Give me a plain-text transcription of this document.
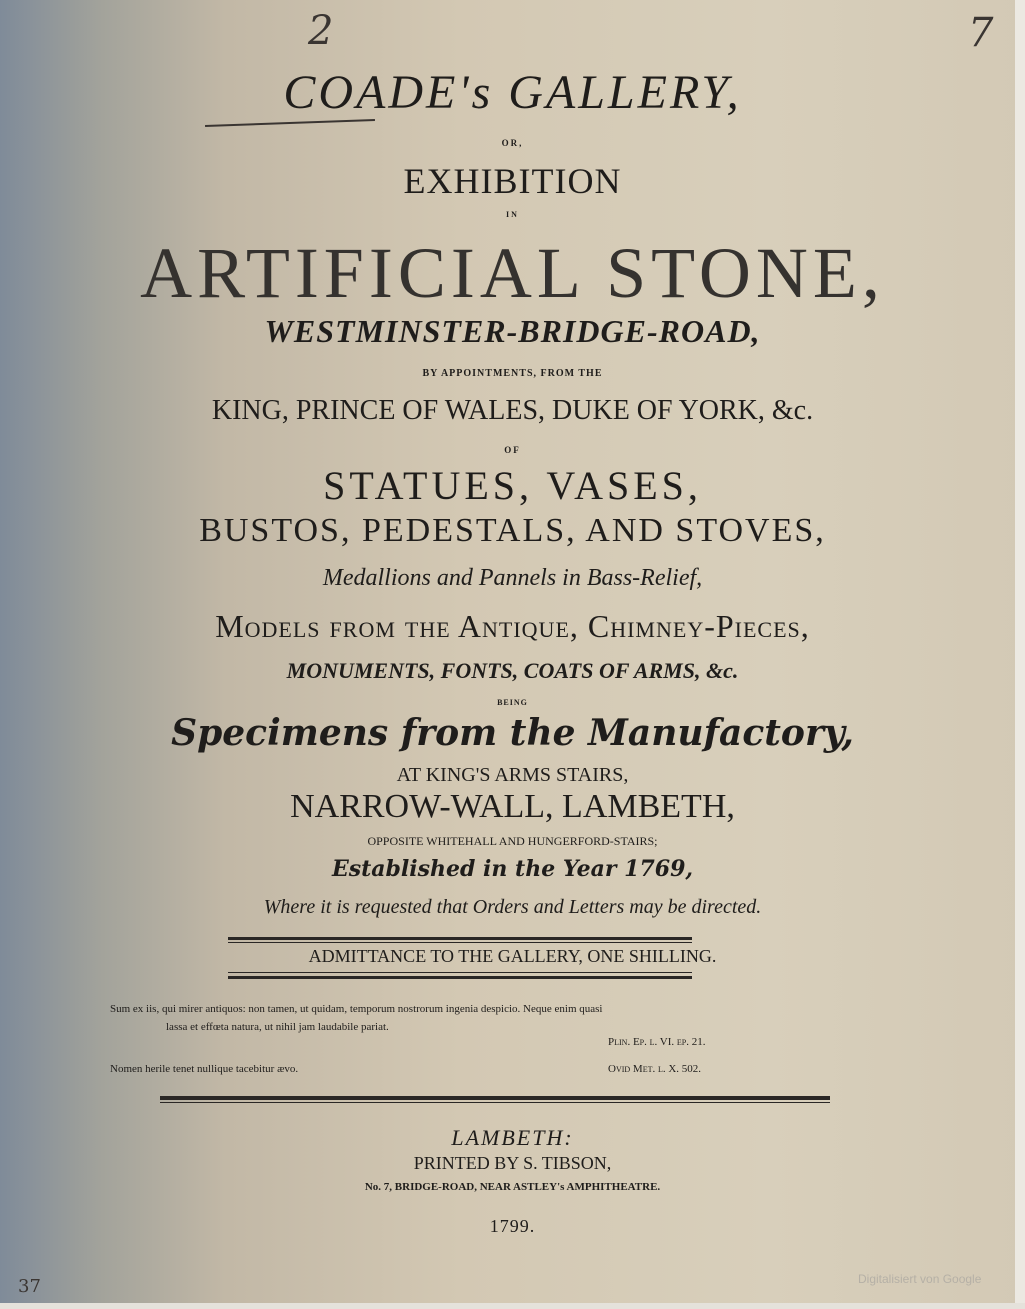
2	7
37	Digitalisiert von Google
COADE's GALLERY,
OR,
EXHIBITION
IN
ARTIFICIAL STONE,
WESTMINSTER-BRIDGE-ROAD,
BY APPOINTMENTS, FROM THE
KING, PRINCE OF WALES, DUKE OF YORK, &c.
OF
STATUES, VASES,
BUSTOS, PEDESTALS, AND STOVES,
Medallions and Pannels in Bass-Relief,
Models from the Antique, Chimney-Pieces,
MONUMENTS, FONTS, COATS OF ARMS, &c.
BEING
Specimens from the Manufactory,
AT KING'S ARMS STAIRS,
NARROW-WALL, LAMBETH,
OPPOSITE WHITEHALL AND HUNGERFORD-STAIRS;
Established in the Year 1769,
Where it is requested that Orders and Letters may be directed.
ADMITTANCE TO THE GALLERY, ONE SHILLING.
Sum ex iis, qui mirer antiquos: non tamen, ut quidam, temporum nostrorum ingenia despicio. Neque enim quasi
lassa et effœta natura, ut nihil jam laudabile pariat.
Plin. Ep. l. VI. ep. 21.
Nomen herile tenet nullique tacebitur ævo.	Ovid Met. l. X. 502.
LAMBETH:
PRINTED BY S. TIBSON,
No. 7, BRIDGE-ROAD, NEAR ASTLEY's AMPHITHEATRE.
1799.
